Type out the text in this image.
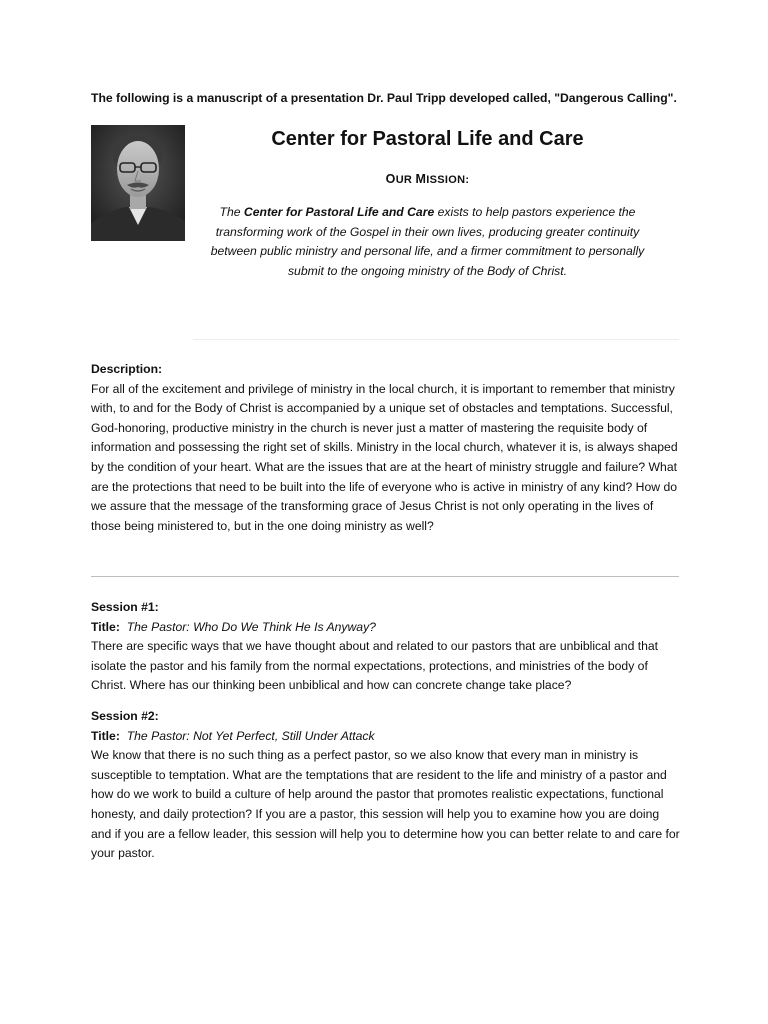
The following is a manuscript of a presentation Dr. Paul Tripp developed called, "Dangerous Calling".
Center for Pastoral Life and Care
OUR MISSION:
The Center for Pastoral Life and Care exists to help pastors experience the transforming work of the Gospel in their own lives, producing greater continuity between public ministry and personal life, and a firmer commitment to personally submit to the ongoing ministry of the Body of Christ.
Description:

For all of the excitement and privilege of ministry in the local church, it is important to remember that ministry with, to and for the Body of Christ is accompanied by a unique set of obstacles and temptations. Successful, God-honoring, productive ministry in the church is never just a matter of mastering the requisite body of information and possessing the right set of skills. Ministry in the local church, whatever it is, is always shaped by the condition of your heart. What are the issues that are at the heart of ministry struggle and failure? What are the protections that need to be built into the life of everyone who is active in ministry of any kind? How do we assure that the message of the transforming grace of Jesus Christ is not only operating in the lives of those being ministered to, but in the one doing ministry as well?

Session #1:
Title: The Pastor: Who Do We Think He Is Anyway?

There are specific ways that we have thought about and related to our pastors that are unbiblical and that isolate the pastor and his family from the normal expectations, protections, and ministries of the body of Christ. Where has our thinking been unbiblical and how can concrete change take place?

Session #2:
Title: The Pastor: Not Yet Perfect, Still Under Attack

We know that there is no such thing as a perfect pastor, so we also know that every man in ministry is susceptible to temptation. What are the temptations that are resident to the life and ministry of a pastor and how do we work to build a culture of help around the pastor that promotes realistic expectations, functional honesty, and daily protection? If you are a pastor, this session will help you to examine how you are doing and if you are a fellow leader, this session will help you to determine how you can better relate to and care for your pastor.
